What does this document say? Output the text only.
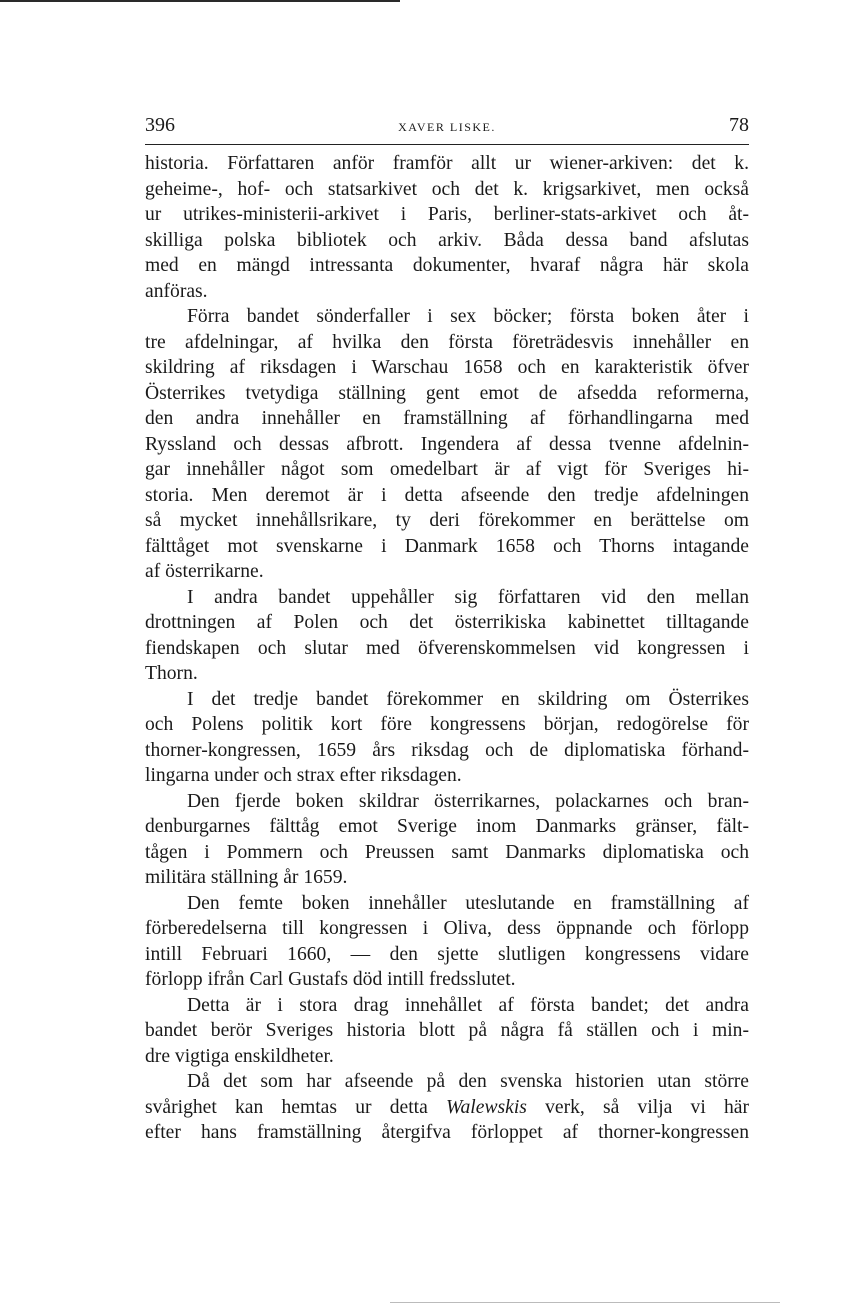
396	XAVER LISKE.	78

historia. Författaren anför framför allt ur wiener-arkiven: det k.
geheime-, hof- och statsarkivet och det k. krigsarkivet, men också
ur utrikes-ministerii-arkivet i Paris, berliner-stats-arkivet och åt-
skilliga polska bibliotek och arkiv. Båda dessa band afslutas
med en mängd intressanta dokumenter, hvaraf några här skola
anföras.

Förra bandet sönderfaller i sex böcker; första boken åter i
tre afdelningar, af hvilka den första företrädesvis innehåller en
skildring af riksdagen i Warschau 1658 och en karakteristik öfver
Österrikes tvetydiga ställning gent emot de afsedda reformerna,
den andra innehåller en framställning af förhandlingarna med
Ryssland och dessas afbrott. Ingendera af dessa tvenne afdelnin-
gar innehåller något som omedelbart är af vigt för Sveriges hi-
storia. Men deremot är i detta afseende den tredje afdelningen
så mycket innehållsrikare, ty deri förekommer en berättelse om
fälttåget mot svenskarne i Danmark 1658 och Thorns intagande
af österrikarne.

I andra bandet uppehåller sig författaren vid den mellan
drottningen af Polen och det österrikiska kabinettet tilltagande
fiendskapen och slutar med öfverenskommelsen vid kongressen i
Thorn.

I det tredje bandet förekommer en skildring om Österrikes
och Polens politik kort före kongressens början, redogörelse för
thorner-kongressen, 1659 års riksdag och de diplomatiska förhand-
lingarna under och strax efter riksdagen.

Den fjerde boken skildrar österrikarnes, polackarnes och bran-
denburgarnes fälttåg emot Sverige inom Danmarks gränser, fält-
tågen i Pommern och Preussen samt Danmarks diplomatiska och
militära ställning år 1659.

Den femte boken innehåller uteslutande en framställning af
förberedelserna till kongressen i Oliva, dess öppnande och förlopp
intill Februari 1660, — den sjette slutligen kongressens vidare
förlopp ifrån Carl Gustafs död intill fredsslutet.

Detta är i stora drag innehållet af första bandet; det andra
bandet berör Sveriges historia blott på några få ställen och i min-
dre vigtiga enskildheter.

Då det som har afseende på den svenska historien utan större
svårighet kan hemtas ur detta Walewskis verk, så vilja vi här
efter hans framställning återgifva förloppet af thorner-kongressen
